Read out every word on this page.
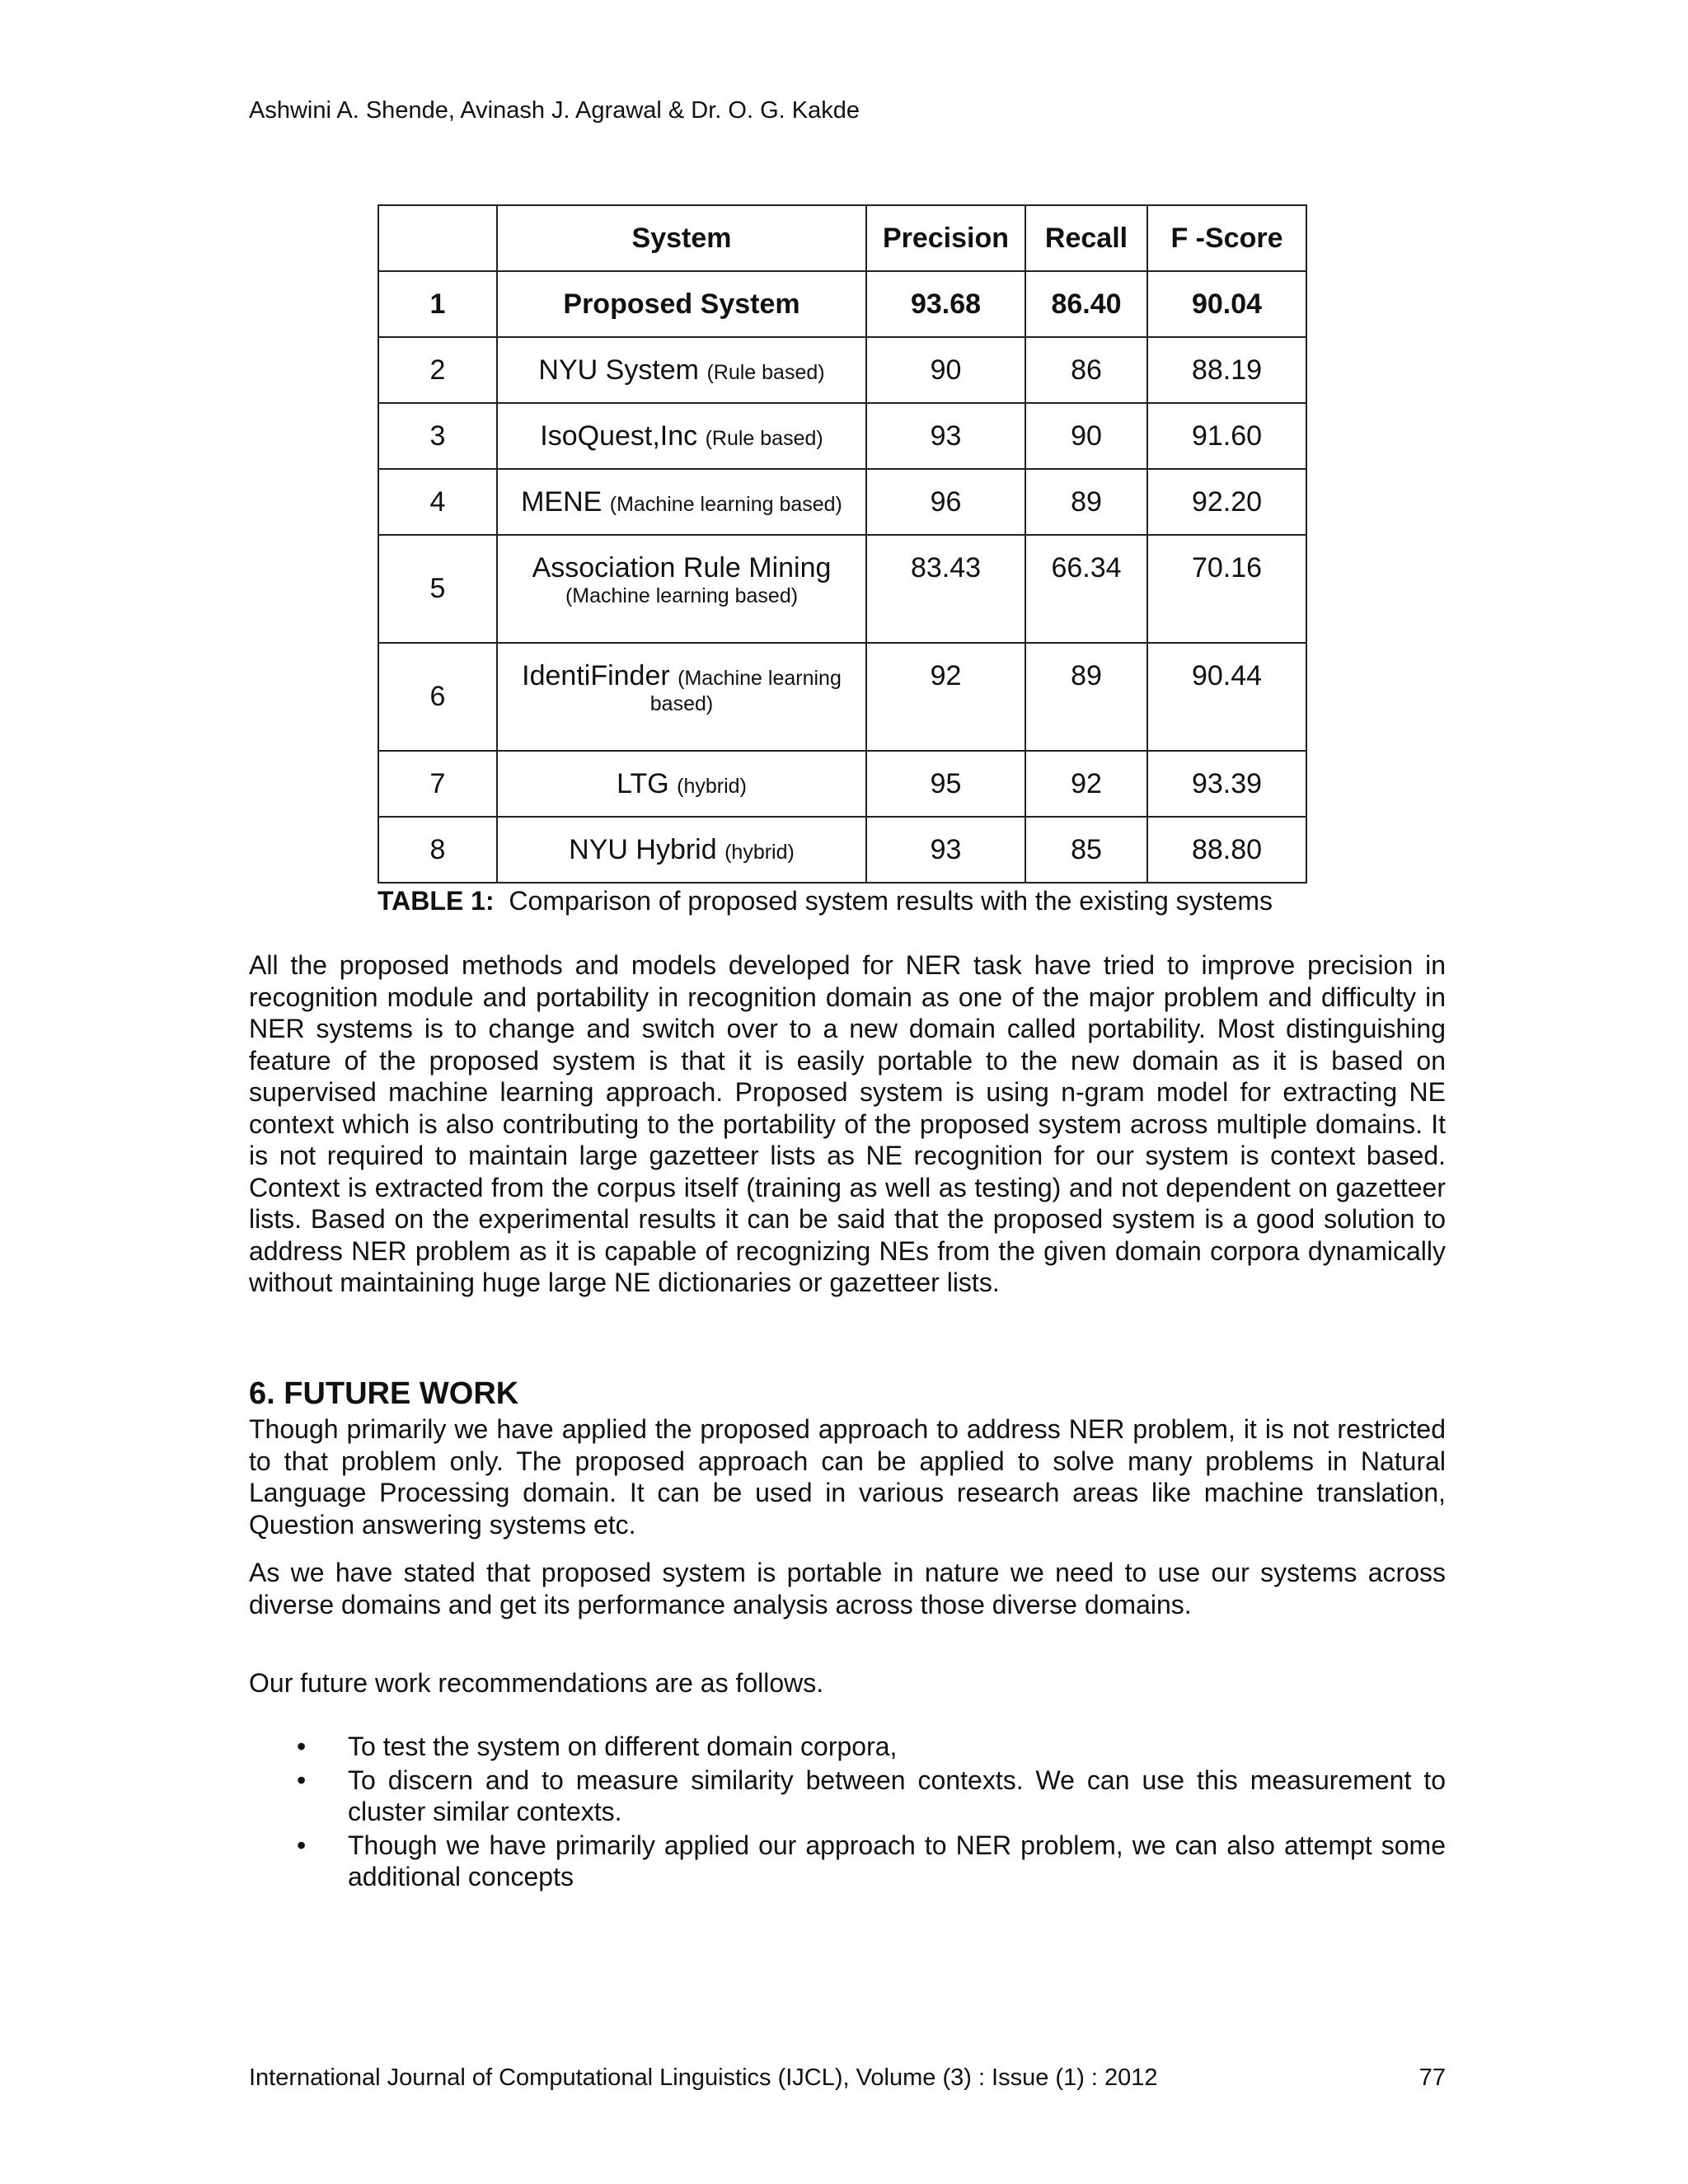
Ashwini A. Shende, Avinash J. Agrawal & Dr. O. G. Kakde
	System	Precision	Recall	F -Score
1	Proposed System	93.68	86.40	90.04
2	NYU System (Rule based)	90	86	88.19
3	IsoQuest,Inc (Rule based)	93	90	91.60
4	MENE (Machine learning based)	96	89	92.20
5	Association Rule Mining
(Machine learning based)	83.43	66.34	70.16
6	IdentiFinder (Machine learning
based)	92	89	90.44
7	LTG (hybrid)	95	92	93.39
8	NYU Hybrid (hybrid)	93	85	88.80
TABLE 1: Comparison of proposed system results with the existing systems

All the proposed methods and models developed for NER task have tried to improve precision in recognition module and portability in recognition domain as one of the major problem and difficulty in NER systems is to change and switch over to a new domain called portability. Most distinguishing feature of the proposed system is that it is easily portable to the new domain as it is based on supervised machine learning approach. Proposed system is using n-gram model for extracting NE context which is also contributing to the portability of the proposed system across multiple domains. It is not required to maintain large gazetteer lists as NE recognition for our system is context based. Context is extracted from the corpus itself (training as well as testing) and not dependent on gazetteer lists. Based on the experimental results it can be said that the proposed system is a good solution to address NER problem as it is capable of recognizing NEs from the given domain corpora dynamically without maintaining huge large NE dictionaries or gazetteer lists.

6. FUTURE WORK

Though primarily we have applied the proposed approach to address NER problem, it is not restricted to that problem only. The proposed approach can be applied to solve many problems in Natural Language Processing domain. It can be used in various research areas like machine translation, Question answering systems etc.

As we have stated that proposed system is portable in nature we need to use our systems across diverse domains and get its performance analysis across those diverse domains.

Our future work recommendations are as follows.

• To test the system on different domain corpora,
• To discern and to measure similarity between contexts. We can use this measurement to cluster similar contexts.
• Though we have primarily applied our approach to NER problem, we can also attempt some additional concepts
International Journal of Computational Linguistics (IJCL), Volume (3) : Issue (1) : 2012	77
